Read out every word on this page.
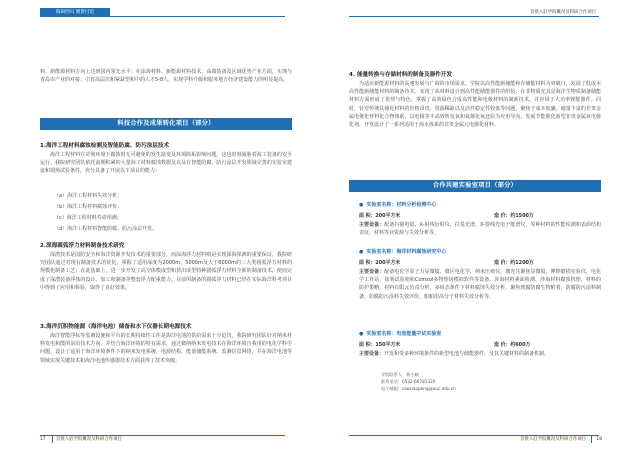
海研西川 聚贤付迅
料、新能源材料方向上达到国内领先水平；在涂海材料、新能源材料技术、高端装备及区域优势产业方面，实现与青岛市产业的对接；引育高层次和紧缺型和中的人才5-8人，实现学科升级和服务地方经济建设能力的明显提高。
科技合作及成果转化项目（部分）
1.海洋工程材料腐蚀检测及智能防腐、防污涂层技术
海洋工程材料在苛刻环境下腐蚀时无可避免的发生演变及环境除垢影响问题，这也时刻威胁着海工装备的安全运行。我院研究团队依托前期积累的大量海工材料腐蚀数据及以及在智能防腐、防污涂层开发领域完善的实验室建设和现场试验条件，充分具备了开展以下项目的能力：
（a）海洋工程材料失效分析；
（b）海洋工程材料腐蚀评价；
（c）海洋工程材料寿命预测；
（d）海洋工程材料智能防腐、防污涂层开发。
2.深海圆弧浮力材料制备技术研究
深潜技术是国防安全和海洋资源开发技术的重要部分，而深海浮力材料则是实现深海探测的重要保证。我院研究团队通过对现有制备技术的优化，掌握了适用深度为2000m、5000m及大于6000m的三大类圆弧浮力材料的规模化制备工艺；在此基础上，进一步开发了高空体模成型和挤出成型特种圆弧浮力材料全新的制备技术，使而完成了深潜装备浮体的设计、加工和制备等整套浮力配重能力。目前所制备的圆弧浮力材料已经在实际海洋科考项目中得到了应用和检验，取得了良好效果。
3.海洋沉积物能源（海洋电池）储备和水下仪器长期电源技术
海洋智能浮标等监测设施和平台的长期持续性工作是海洋电池的供给需求十分迫切。我院研究团队针对纳米材料发电和能的前沿技术方向，并结合海洋环境的特有需求，通过微纳纳米发电技术在海洋环境自我用的电化学科学问题，设计了适用于海洋环境条件下的纳米发电系统、电源结构、能量储能系统、监测信息网络，并在海洋电池等领域实现关键技术和海洋电池传感器技术方面获得了技术突破。
17 首批入驻学院概况及科研合作项目
首批入驻学院概况及科研合作项目
4. 能量转换与存储材料的制备及器件开发
为适应新能源材料的高速发展与广阔的市场需求，学院以高性能新储能和存储能材料为突破口，发展了低成本高性能新储能材料的制备技术，实现了从材料设计到高性能储能器件的组装；在非物质光其是海洋生物质制备储能材料方面形成了优势与特色，掌握了高效绿色合成高性能和电极材料的制新技术，并应用于大功率锂能器件。同时，针对传统其储化材料的价格昂贵、资源稀缺以及活性稳定性较低等问题，聚焦于成本低廉、储量丰富的非贵金属电催化材料化合物体系，以电极等丰高效析氢氧和氧催化氧还原为应用导向，发展节能催化新型非贵金属氧电催化剂，开发设计了一系列适用于海水体系的非贵金属元电催化材料。
合作共建实验室项目（部分）
● 实验室名称：材料分析检测中心
面 积：200平方米	造 价：约1500万
主要设备：配备扫描电镜、X-射线衍射仪、拉曼光谱、X-射线光电子能谱仪、等种材料的性能检测和表面结构表征，材料等业资源与失效分析等。
● 实验室名称：海洋材料腐蚀研究中心
面 积：200平方米	造 价：约1200万
主要设备：配备电化学原子力显微镜，微区电化学，纳米压痕仪，激光共聚焦显微镜，摩擦磨损实验仪，电化学工作站，盐雾试验箱和Comsol多物理场模拟软件等设备。涉海材料素面检测、涉海材料腐蚀机理、材料的防护策略，材料有限元仿真分析，多组态条件下材料腐蚀失效分析，聚焦到腐防腐生物附着，防腐防污涂料制备，防腐防污涂料失效评价，船舶用高分子材料失效分析等。
● 实验室名称：电池能量中试实验室
面 积：150平方米	造 价：约600万
主要设备：开发和受多种环境条件的新型电池与储能器件，及其关键材料的制备机制。
学院联系人：鲁小颖
联系电话：0532-66781320
电子邮箱：caoxiaopeng@ouc.edu.cn
首批入驻学院概况及科研合作项目 18
